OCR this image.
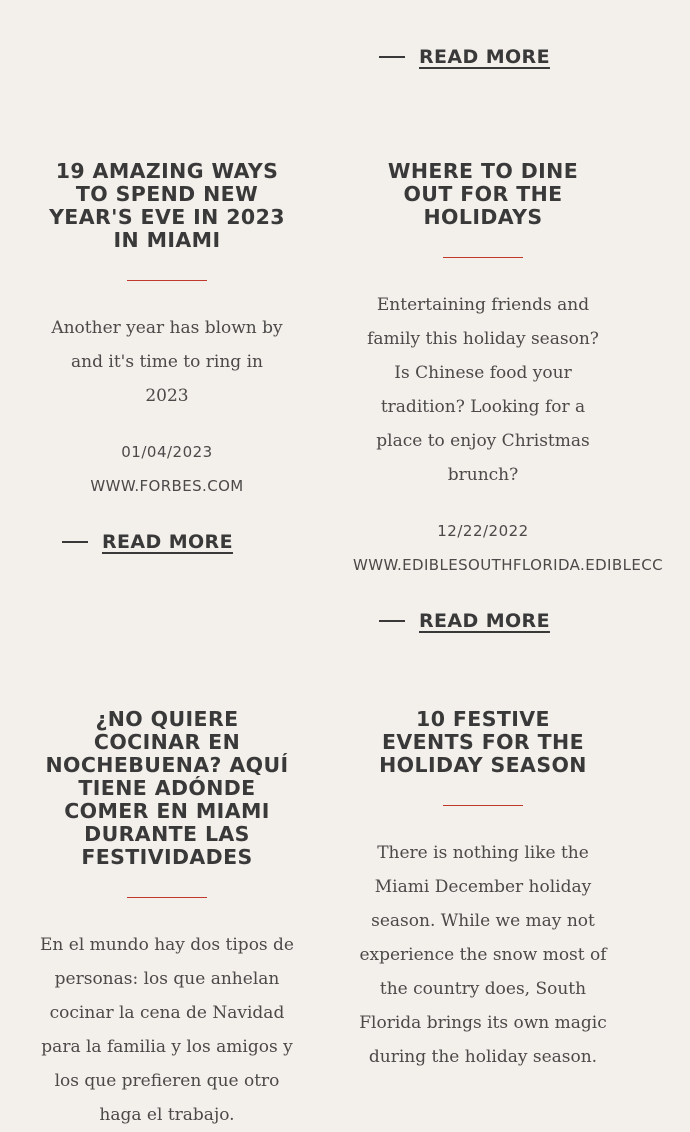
READ MORE
19 AMAZING WAYS TO SPEND NEW YEAR'S EVE IN 2023 IN MIAMI

Another year has blown by and it's time to ring in 2023

01/04/2023

WWW.FORBES.COM

READ MORE
WHERE TO DINE OUT FOR THE HOLIDAYS

Entertaining friends and family this holiday season? Is Chinese food your tradition? Looking for a place to enjoy Christmas brunch?

12/22/2022

WWW.EDIBLESOUTHFLORIDA.EDIBLECC

READ MORE
¿NO QUIERE COCINAR EN NOCHEBUENA? AQUÍ TIENE ADÓNDE COMER EN MIAMI DURANTE LAS FESTIVIDADES

En el mundo hay dos tipos de personas: los que anhelan cocinar la cena de Navidad para la familia y los amigos y los que prefieren que otro haga el trabajo.

10 FESTIVE EVENTS FOR THE HOLIDAY SEASON

There is nothing like the Miami December holiday season. While we may not experience the snow most of the country does, South Florida brings its own magic during the holiday season.
